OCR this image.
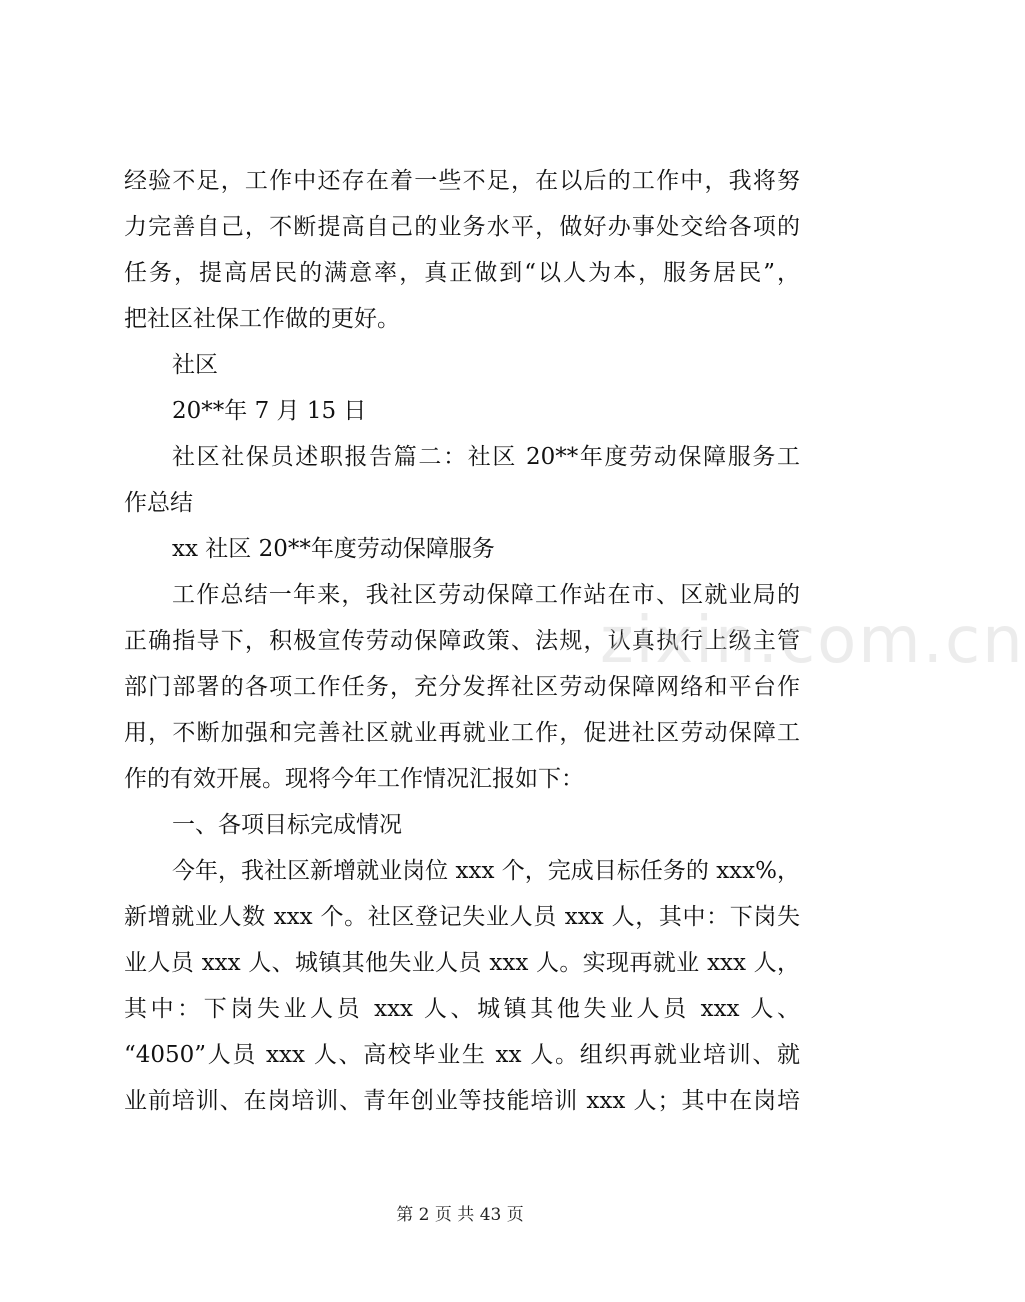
经验不足，工作中还存在着一些不足，在以后的工作中，我将努
力完善自己，不断提高自己的业务水平，做好办事处交给各项的
任务，提高居民的满意率，真正做到“以人为本，服务居民”，
把社区社保工作做的更好。
社区
20**年 7 月 15 日
社区社保员述职报告篇二：社区 20**年度劳动保障服务工
作总结
xx 社区 20**年度劳动保障服务
工作总结一年来，我社区劳动保障工作站在市、区就业局的
正确指导下，积极宣传劳动保障政策、法规，认真执行上级主管
部门部署的各项工作任务，充分发挥社区劳动保障网络和平台作
用，不断加强和完善社区就业再就业工作，促进社区劳动保障工
作的有效开展。现将今年工作情况汇报如下：
一、各项目标完成情况
今年，我社区新增就业岗位 xxx 个，完成目标任务的 xxx%，
新增就业人数 xxx 个。社区登记失业人员 xxx 人，其中：下岗失
业人员 xxx 人、城镇其他失业人员 xxx 人。实现再就业 xxx 人，
其中：下岗失业人员 xxx 人、城镇其他失业人员 xxx 人、
“4050”人员 xxx 人、高校毕业生 xx 人。组织再就业培训、就
业前培训、在岗培训、青年创业等技能培训 xxx 人；其中在岗培
zixin.com.cn
第 2 页 共 43 页
